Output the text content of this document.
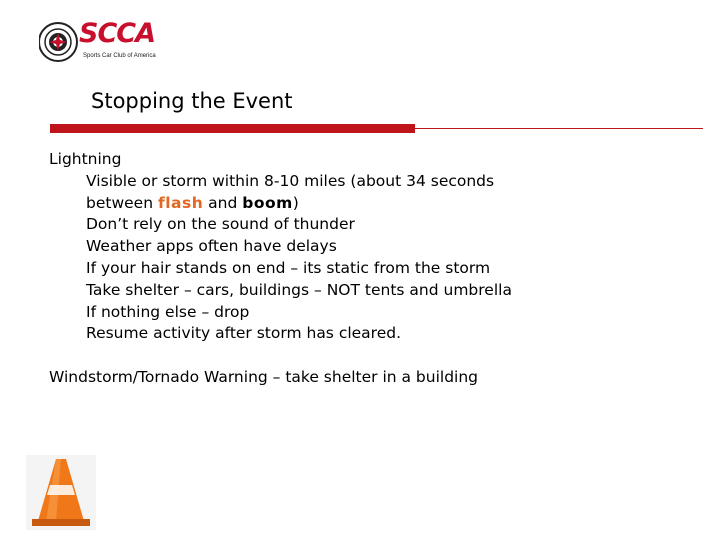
SCCA
Sports Car Club of America
Stopping the Event
Lightning
Visible or storm within 8-10 miles (about 34 seconds
between flash and boom)
Don’t rely on the sound of thunder
Weather apps often have delays
If your hair stands on end – its static from the storm
Take shelter – cars, buildings – NOT tents and umbrella
If nothing else – drop
Resume activity after storm has cleared.
Windstorm/Tornado Warning – take shelter in a building
